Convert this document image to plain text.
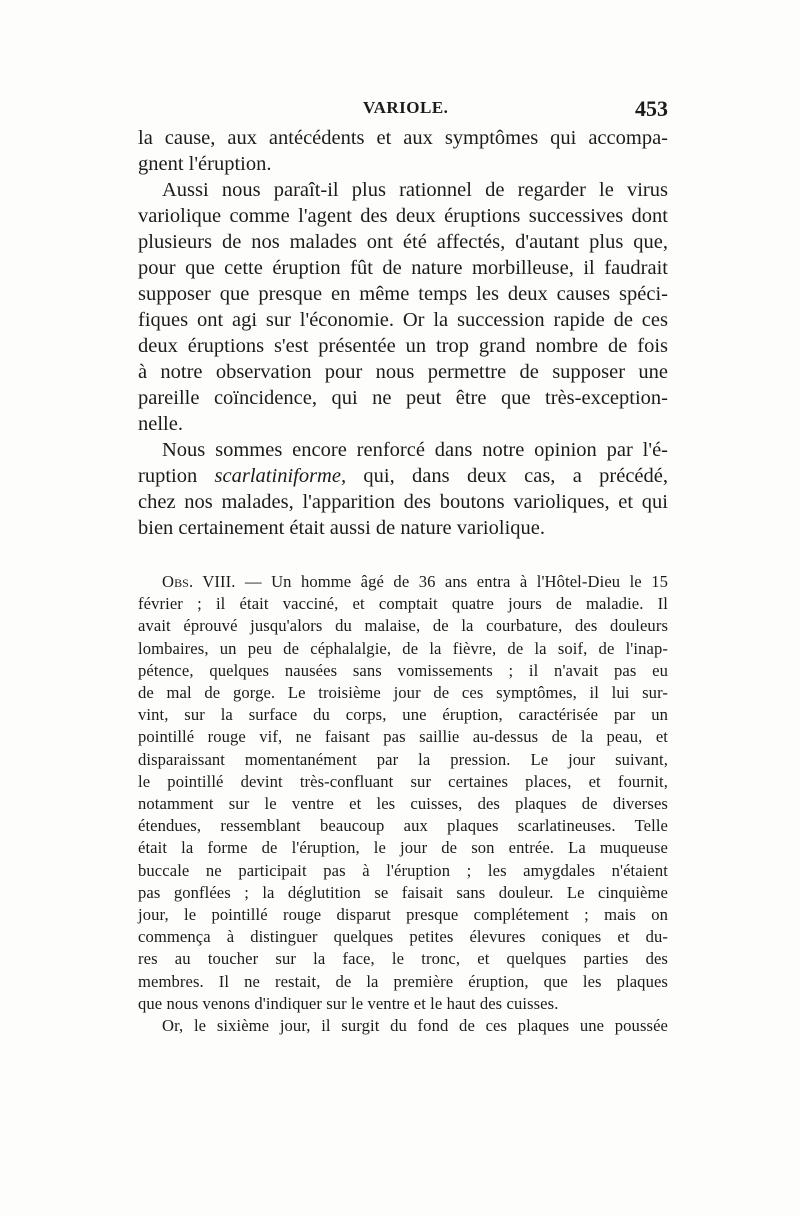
VARIOLE.	453
la cause, aux antécédents et aux symptômes qui accompa-
gnent l'éruption.
Aussi nous paraît-il plus rationnel de regarder le virus
variolique comme l'agent des deux éruptions successives dont
plusieurs de nos malades ont été affectés, d'autant plus que,
pour que cette éruption fût de nature morbilleuse, il faudrait
supposer que presque en même temps les deux causes spéci-
fiques ont agi sur l'économie. Or la succession rapide de ces
deux éruptions s'est présentée un trop grand nombre de fois
à notre observation pour nous permettre de supposer une
pareille coïncidence, qui ne peut être que très-exception-
nelle.
Nous sommes encore renforcé dans notre opinion par l'é-
ruption scarlatiniforme, qui, dans deux cas, a précédé,
chez nos malades, l'apparition des boutons varioliques, et qui
bien certainement était aussi de nature variolique.
Obs. VIII. — Un homme âgé de 36 ans entra à l'Hôtel-Dieu le 15
février ; il était vacciné, et comptait quatre jours de maladie. Il
avait éprouvé jusqu'alors du malaise, de la courbature, des douleurs
lombaires, un peu de céphalalgie, de la fièvre, de la soif, de l'inap-
pétence, quelques nausées sans vomissements ; il n'avait pas eu
de mal de gorge. Le troisième jour de ces symptômes, il lui sur-
vint, sur la surface du corps, une éruption, caractérisée par un
pointillé rouge vif, ne faisant pas saillie au-dessus de la peau, et
disparaissant momentanément par la pression. Le jour suivant,
le pointillé devint très-confluant sur certaines places, et fournit,
notamment sur le ventre et les cuisses, des plaques de diverses
étendues, ressemblant beaucoup aux plaques scarlatineuses. Telle
était la forme de l'éruption, le jour de son entrée. La muqueuse
buccale ne participait pas à l'éruption ; les amygdales n'étaient
pas gonflées ; la déglutition se faisait sans douleur. Le cinquième
jour, le pointillé rouge disparut presque complétement ; mais on
commença à distinguer quelques petites élevures coniques et du-
res au toucher sur la face, le tronc, et quelques parties des
membres. Il ne restait, de la première éruption, que les plaques
que nous venons d'indiquer sur le ventre et le haut des cuisses.
Or, le sixième jour, il surgit du fond de ces plaques une poussée
